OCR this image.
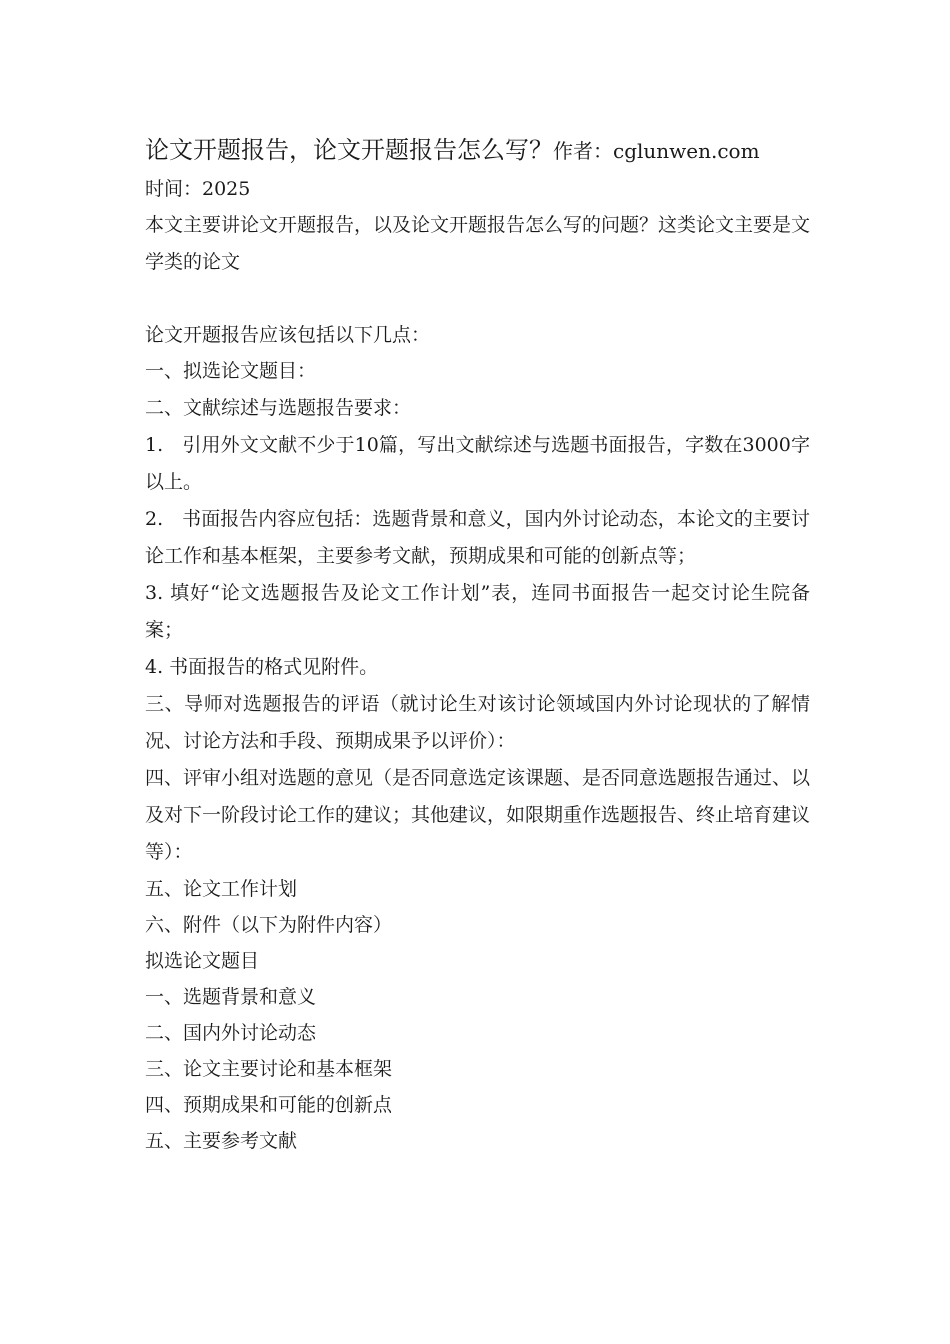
论文开题报告，论文开题报告怎么写？作者：cglunwen.com

时间：2025

本文主要讲论文开题报告，以及论文开题报告怎么写的问题？这类论文主要是文学类的论文

论文开题报告应该包括以下几点：

一、拟选论文题目：
二、文献综述与选题报告要求：
1.　引用外文文献不少于10篇，写出文献综述与选题书面报告，字数在3000字以上。
2.　书面报告内容应包括：选题背景和意义，国内外讨论动态，本论文的主要讨论工作和基本框架，主要参考文献，预期成果和可能的创新点等；
3. 填好“论文选题报告及论文工作计划”表，连同书面报告一起交讨论生院备案；
4. 书面报告的格式见附件。
三、导师对选题报告的评语（就讨论生对该讨论领域国内外讨论现状的了解情况、讨论方法和手段、预期成果予以评价）：
四、评审小组对选题的意见（是否同意选定该课题、是否同意选题报告通过、以及对下一阶段讨论工作的建议；其他建议，如限期重作选题报告、终止培育建议等）：
五、论文工作计划
六、附件（以下为附件内容）
拟选论文题目
一、选题背景和意义
二、国内外讨论动态
三、论文主要讨论和基本框架
四、预期成果和可能的创新点
五、主要参考文献
